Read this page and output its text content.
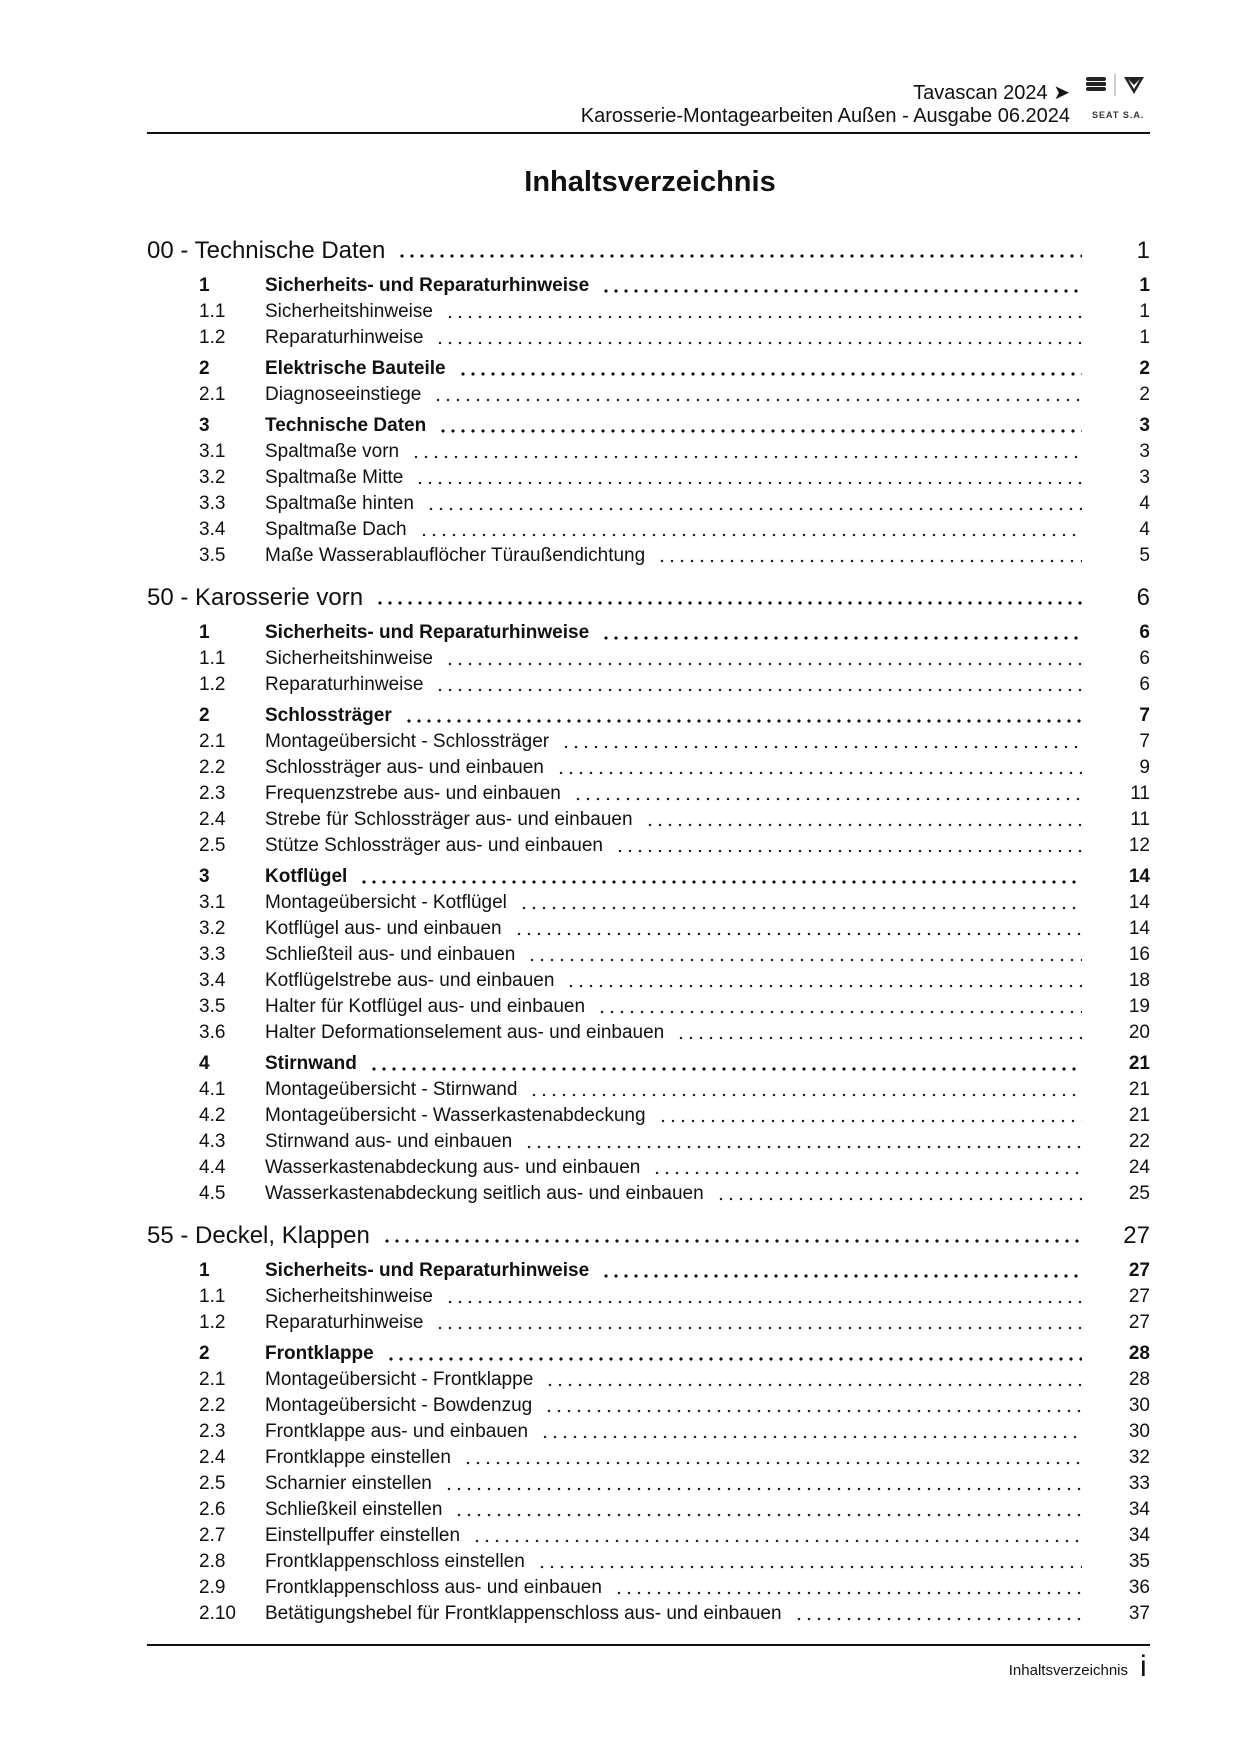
Tavascan 2024 ➤
Karosserie-Montagearbeiten Außen - Ausgabe 06.2024 SEAT S.A.
Inhaltsverzeichnis
00 - Technische Daten	1
1	Sicherheits- und Reparaturhinweise	1
1.1	Sicherheitshinweise	1
1.2	Reparaturhinweise	1
2	Elektrische Bauteile	2
2.1	Diagnoseeinstiege	2
3	Technische Daten	3
3.1	Spaltmaße vorn	3
3.2	Spaltmaße Mitte	3
3.3	Spaltmaße hinten	4
3.4	Spaltmaße Dach	4
3.5	Maße Wasserablauflöcher Türaußendichtung	5
50 - Karosserie vorn	6
1	Sicherheits- und Reparaturhinweise	6
1.1	Sicherheitshinweise	6
1.2	Reparaturhinweise	6
2	Schlossträger	7
2.1	Montageübersicht - Schlossträger	7
2.2	Schlossträger aus- und einbauen	9
2.3	Frequenzstrebe aus- und einbauen	11
2.4	Strebe für Schlossträger aus- und einbauen	11
2.5	Stütze Schlossträger aus- und einbauen	12
3	Kotflügel	14
3.1	Montageübersicht - Kotflügel	14
3.2	Kotflügel aus- und einbauen	14
3.3	Schließteil aus- und einbauen	16
3.4	Kotflügelstrebe aus- und einbauen	18
3.5	Halter für Kotflügel aus- und einbauen	19
3.6	Halter Deformationselement aus- und einbauen	20
4	Stirnwand	21
4.1	Montageübersicht - Stirnwand	21
4.2	Montageübersicht - Wasserkastenabdeckung	21
4.3	Stirnwand aus- und einbauen	22
4.4	Wasserkastenabdeckung aus- und einbauen	24
4.5	Wasserkastenabdeckung seitlich aus- und einbauen	25
55 - Deckel, Klappen	27
1	Sicherheits- und Reparaturhinweise	27
1.1	Sicherheitshinweise	27
1.2	Reparaturhinweise	27
2	Frontklappe	28
2.1	Montageübersicht - Frontklappe	28
2.2	Montageübersicht - Bowdenzug	30
2.3	Frontklappe aus- und einbauen	30
2.4	Frontklappe einstellen	32
2.5	Scharnier einstellen	33
2.6	Schließkeil einstellen	34
2.7	Einstellpuffer einstellen	34
2.8	Frontklappenschloss einstellen	35
2.9	Frontklappenschloss aus- und einbauen	36
2.10	Betätigungshebel für Frontklappenschloss aus- und einbauen	37
Inhaltsverzeichnis i
